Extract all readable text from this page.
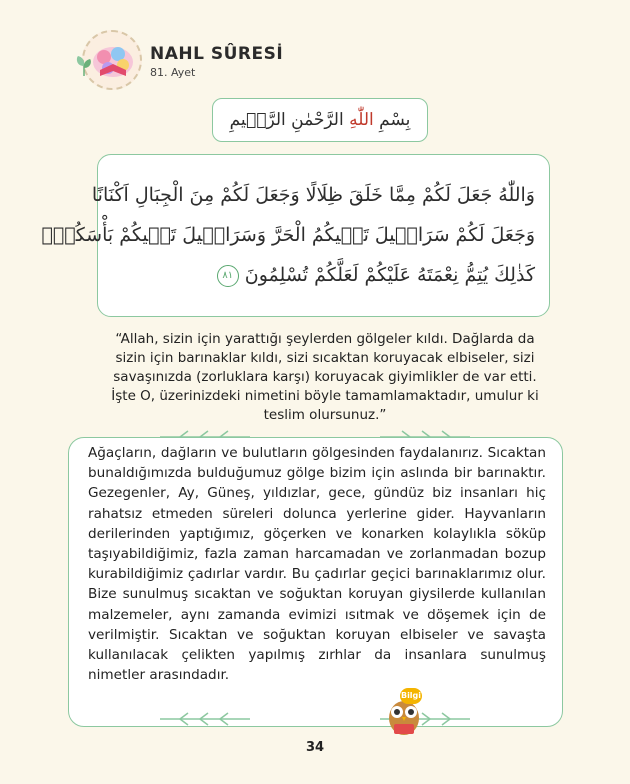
NAHL SÛRESİ
81. Ayet
بِسْمِ اللّٰهِ الرَّحْمٰنِ الرَّح۪يمِ
وَاللّٰهُ جَعَلَ لَكُمْ مِمَّا خَلَقَ ظِلَالًا وَجَعَلَ لَكُمْ مِنَ الْجِبَالِ اَكْنَانًا
وَجَعَلَ لَكُمْ سَرَاب۪يلَ تَق۪يكُمُ الْحَرَّ وَسَرَاب۪يلَ تَق۪يكُمْ بَأْسَكُمْۜ
كَذٰلِكَ يُتِمُّ نِعْمَتَهُ عَلَيْكُمْ لَعَلَّكُمْ تُسْلِمُونَ ٨١
“Allah, sizin için yarattığı şeylerden gölgeler kıldı. Dağlarda da sizin için barınaklar kıldı, sizi sıcaktan koruyacak elbiseler, sizi savaşınızda (zorluklara karşı) koruyacak giyimlikler de var etti. İşte O, üzerinizdeki nimetini böyle tamamlamaktadır, umulur ki teslim olursunuz.”
Ağaçların, dağların ve bulutların gölgesinden faydalanırız. Sıcaktan bunaldığımızda bulduğumuz gölge bizim için aslında bir barınaktır. Gezegenler, Ay, Güneş, yıldızlar, gece, gündüz biz insanları hiç rahatsız etmeden süreleri dolunca yerlerine gider. Hayvanların derilerinden yaptığımız, göçerken ve konarken kolaylıkla söküp taşıyabildiğimiz, fazla zaman harcamadan ve zorlanmadan bozup kurabildiğimiz çadırlar vardır. Bu çadırlar geçici barınaklarımız olur. Bize sunulmuş sıcaktan ve soğuktan koruyan giysilerde kullanılan malzemeler, aynı zamanda evimizi ısıtmak ve döşemek için de verilmiştir. Sıcaktan ve soğuktan koruyan elbiseler ve savaşta kullanılacak çelikten yapılmış zırhlar da insanlara sunulmuş nimetler arasındadır.
Bilgi
34
